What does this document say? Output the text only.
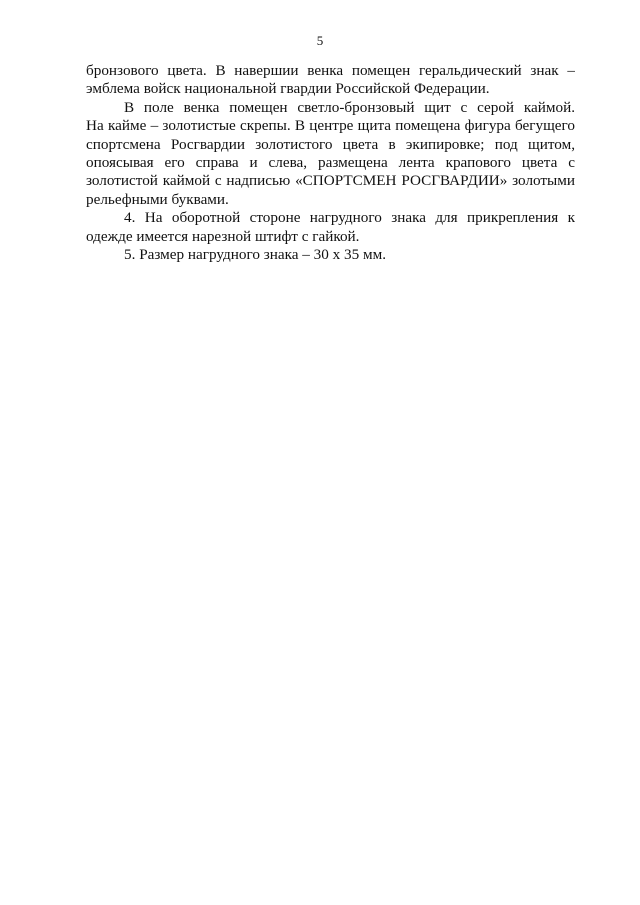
5

бронзового цвета. В навершии венка помещен геральдический знак –
эмблема войск национальной гвардии Российской Федерации.

В поле венка помещен светло-бронзовый щит с серой каймой.
На кайме – золотистые скрепы. В центре щита помещена фигура бегущего
спортсмена Росгвардии золотистого цвета в экипировке; под щитом,
опоясывая его справа и слева, размещена лента крапового цвета с
золотистой каймой с надписью «СПОРТСМЕН РОСГВАРДИИ» золотыми
рельефными буквами.

4. На оборотной стороне нагрудного знака для прикрепления к
одежде имеется нарезной штифт с гайкой.

5. Размер нагрудного знака – 30 х 35 мм.
